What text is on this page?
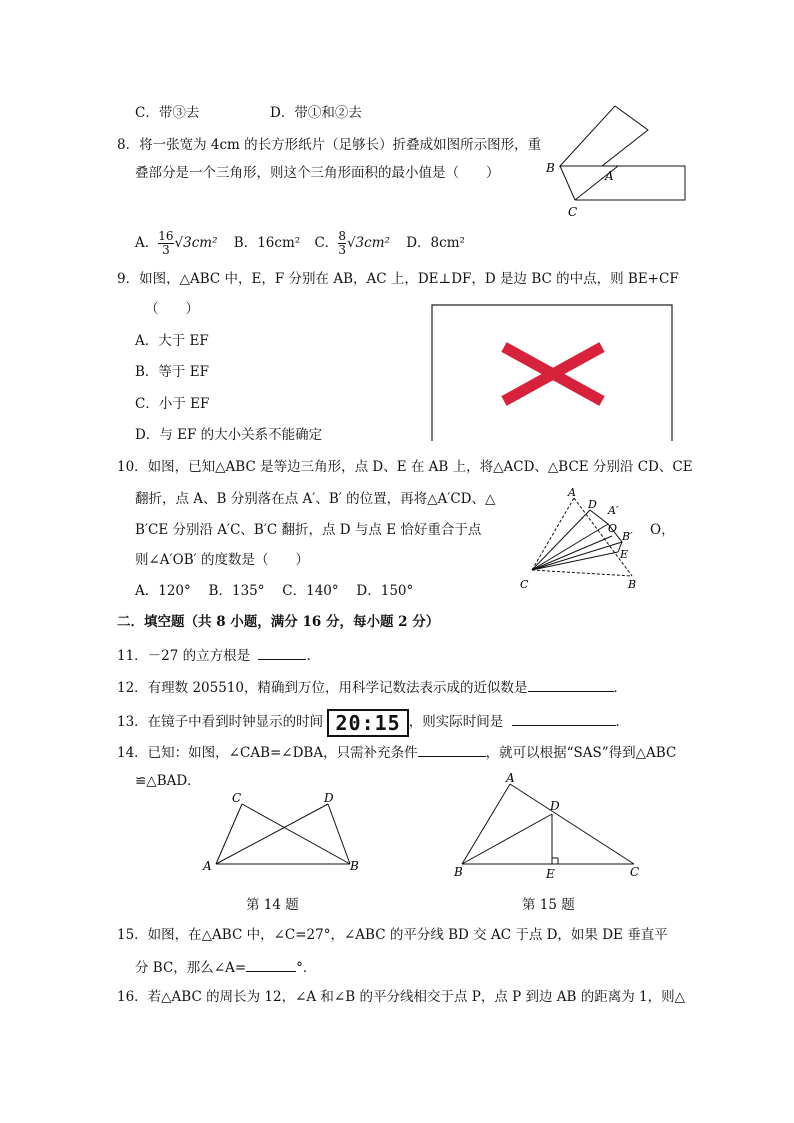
C．带③去	D．带①和②去
8．将一张宽为 4cm 的长方形纸片（足够长）折叠成如图所示图形，重
叠部分是一个三角形，则这个三角形面积的最小值是（　　）	B
A
C
A． $\frac{16}{3} √3cm^2$ B．16cm² C． $\frac{8}{3} √3cm^2$ D．8cm²
9．如图，△ABC 中，E，F 分别在 AB，AC 上，DE⊥DF，D 是边 BC 的中点，则 BE+CF
（　　）
A．大于 EF
B．等于 EF
C．小于 EF
D．与 EF 的大小关系不能确定
10．如图，已知△ABC 是等边三角形，点 D、E 在 AB 上，将△ACD、△BCE 分别沿 CD、CE
翻折，点 A、B 分别落在点 A′、B′ 的位置，再将△A′CD、△
B′CE 分别沿 A′C、B′C 翻折，点 D 与点 E 恰好重合于点	O，
则∠A′OB′ 的度数是（　　）
A．120°　 B．135°　 C．140°　 D．150°
A
D A′
O
B′
E
C	B
二．填空题（共 8 小题，满分 16 分，每小题 2 分）
11．－27 的立方根是	．
12．有理数 205510，精确到万位，用科学记数法表示成的近似数是	．
13．在镜子中看到时钟显示的时间 20:15 ，则实际时间是	．
14．已知：如图，∠CAB=∠DBA，只需补充条件	，就可以根据“SAS”得到△ABC
≌△BAD．
C	D
A	B
第 14 题
A
D
B	E	C
第 15 题
15．如图，在△ABC 中，∠C=27°，∠ABC 的平分线 BD 交 AC 于点 D，如果 DE 垂直平
分 BC，那么∠A=	°．
16．若△ABC 的周长为 12，∠A 和∠B 的平分线相交于点 P，点 P 到边 AB 的距离为 1，则△
